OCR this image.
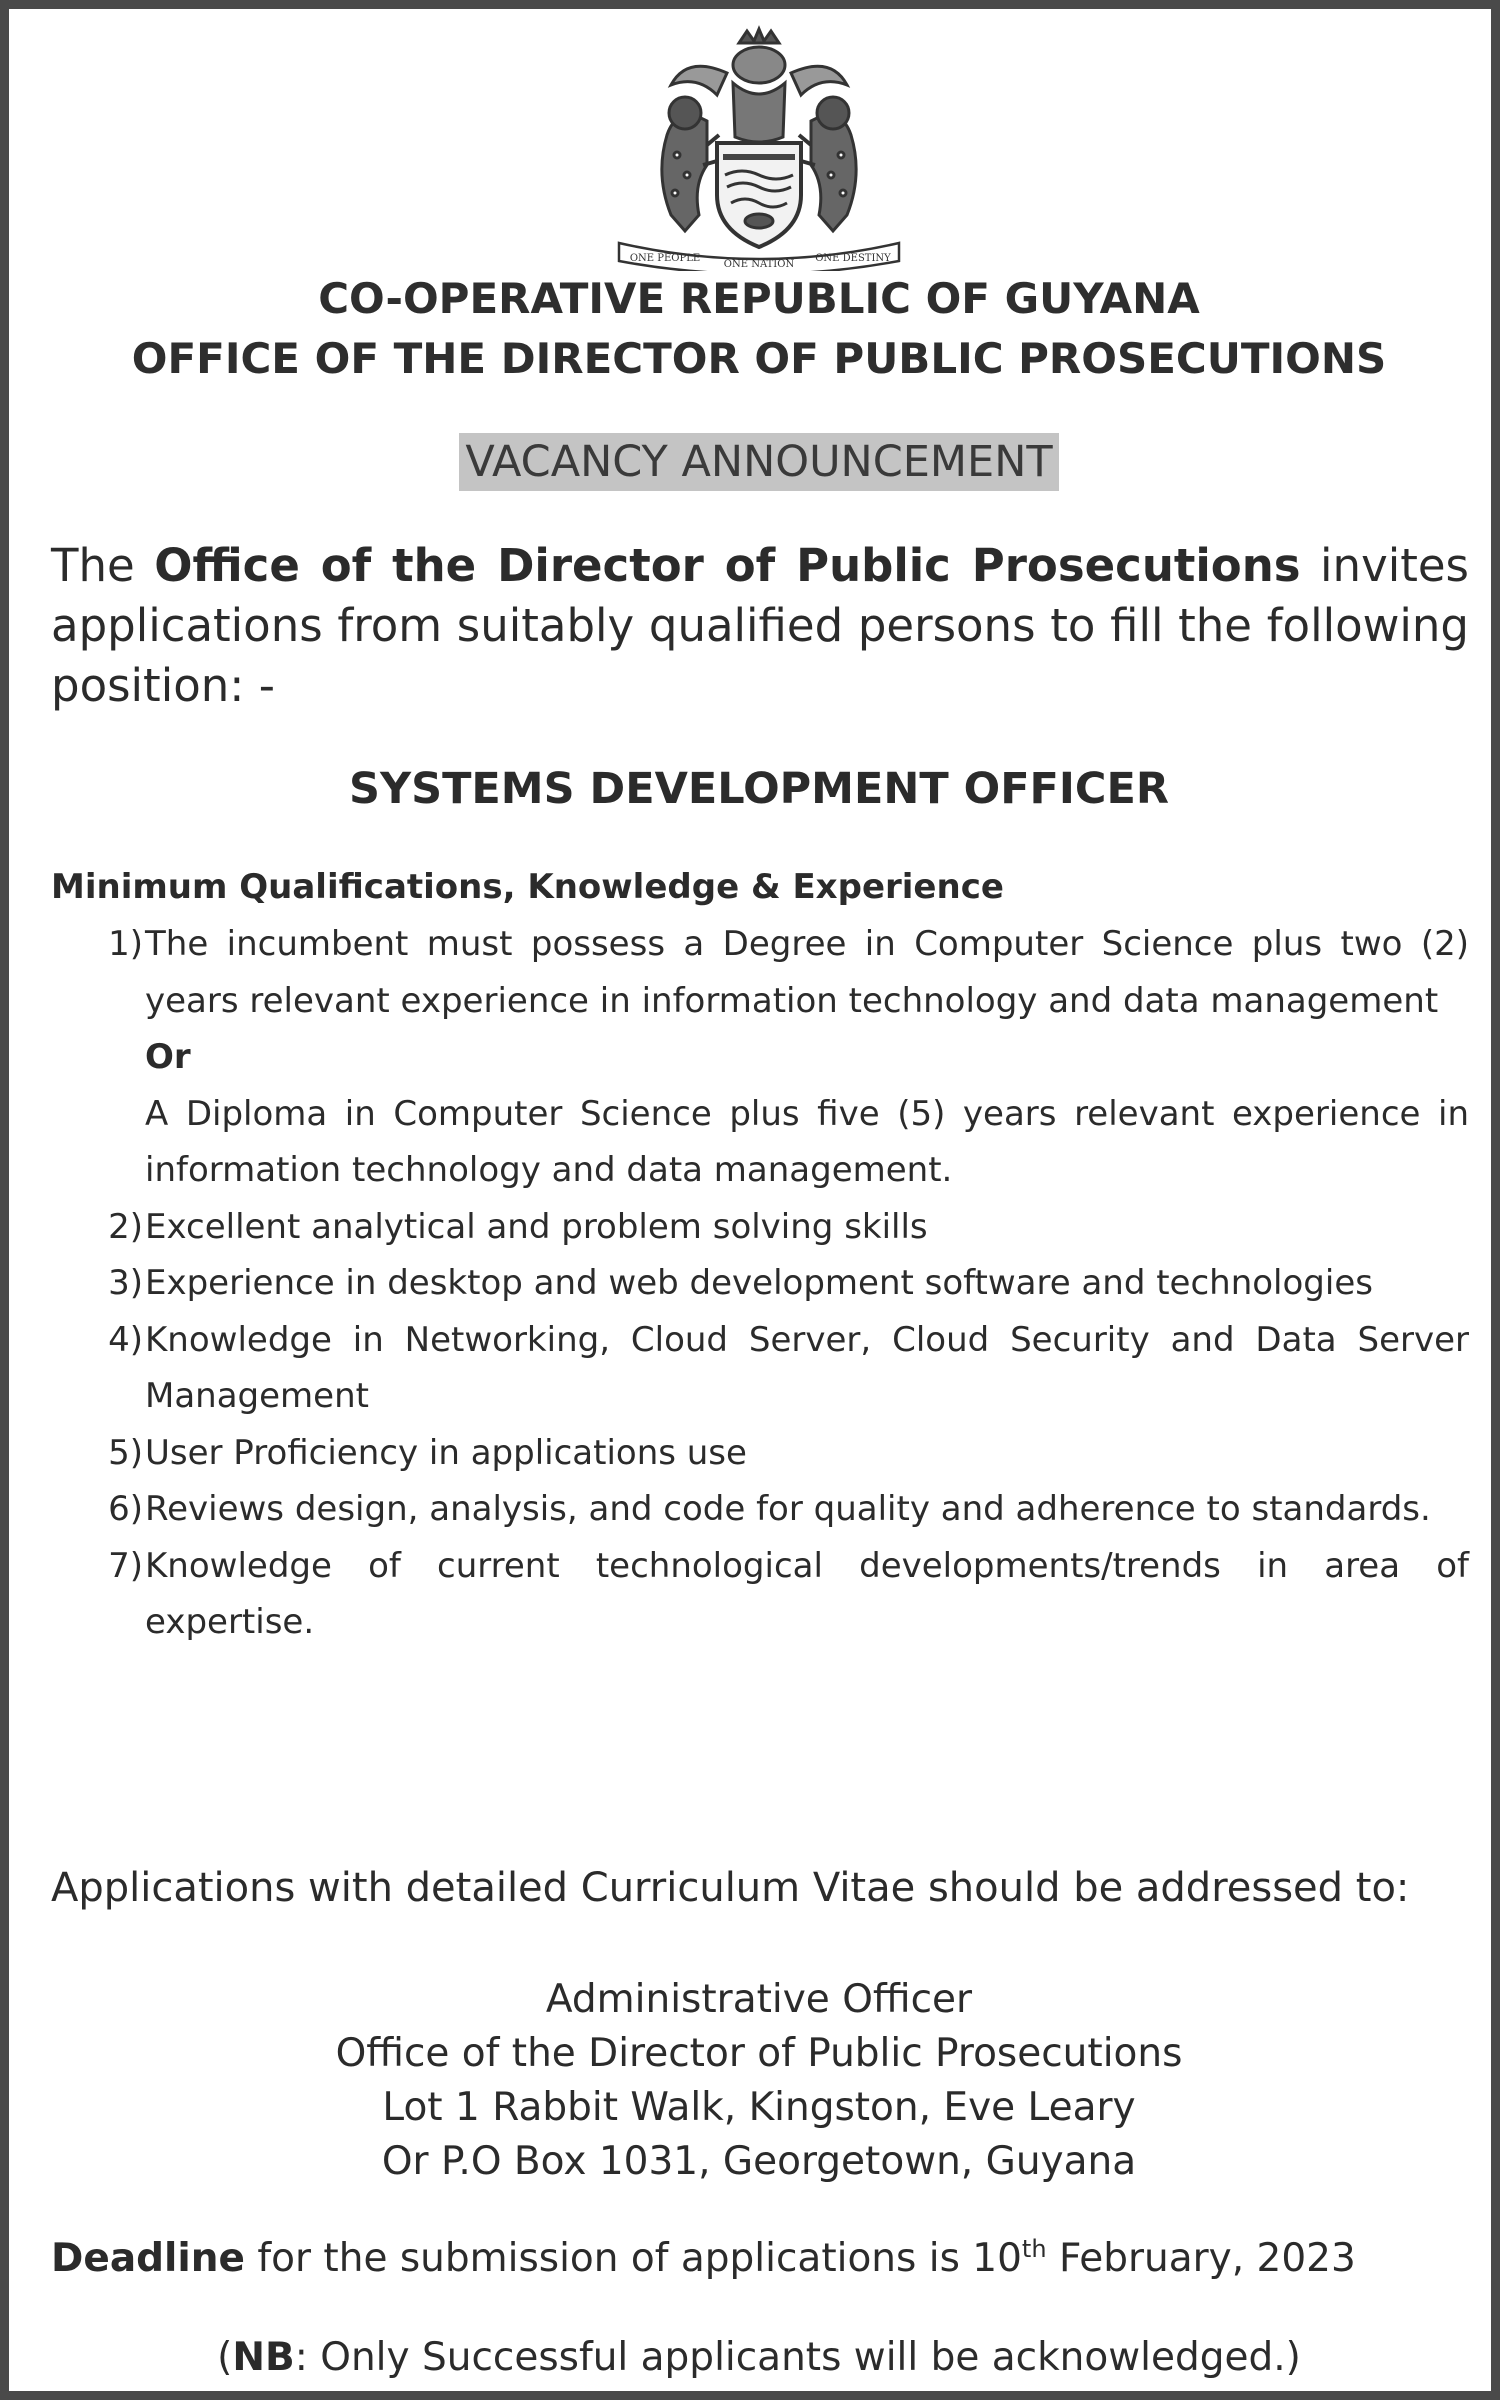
ONE PEOPLE
ONE NATION
ONE DESTINY
CO-OPERATIVE REPUBLIC OF GUYANA
OFFICE OF THE DIRECTOR OF PUBLIC PROSECUTIONS
VACANCY ANNOUNCEMENT
The Office of the Director of Public Prosecutions invites applications from suitably qualified persons to fill the following position: -
SYSTEMS DEVELOPMENT OFFICER
Minimum Qualifications, Knowledge & Experience
1) The incumbent must possess a Degree in Computer Science plus two (2) years relevant experience in information technology and data management
Or
A Diploma in Computer Science plus five (5) years relevant experience in information technology and data management.
2) Excellent analytical and problem solving skills
3) Experience in desktop and web development software and technologies
4) Knowledge in Networking, Cloud Server, Cloud Security and Data Server Management
5) User Proficiency in applications use
6) Reviews design, analysis, and code for quality and adherence to standards.
7) Knowledge of current technological developments/trends in area of expertise.
Applications with detailed Curriculum Vitae should be addressed to:
Administrative Officer
Office of the Director of Public Prosecutions
Lot 1 Rabbit Walk, Kingston, Eve Leary
Or P.O Box 1031, Georgetown, Guyana
Deadline for the submission of applications is 10th February, 2023
(NB: Only Successful applicants will be acknowledged.)
